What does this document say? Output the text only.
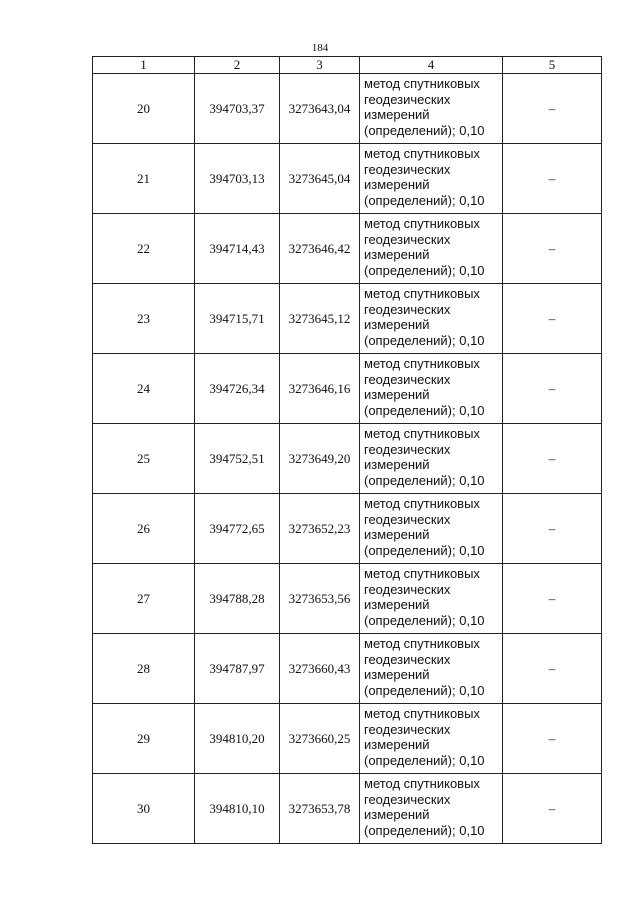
184
1	2	3	4	5
20	394703,37	3273643,04	метод спутниковых
геодезических
измерений
(определений); 0,10	–
21	394703,13	3273645,04	метод спутниковых
геодезических
измерений
(определений); 0,10	–
22	394714,43	3273646,42	метод спутниковых
геодезических
измерений
(определений); 0,10	–
23	394715,71	3273645,12	метод спутниковых
геодезических
измерений
(определений); 0,10	–
24	394726,34	3273646,16	метод спутниковых
геодезических
измерений
(определений); 0,10	–
25	394752,51	3273649,20	метод спутниковых
геодезических
измерений
(определений); 0,10	–
26	394772,65	3273652,23	метод спутниковых
геодезических
измерений
(определений); 0,10	–
27	394788,28	3273653,56	метод спутниковых
геодезических
измерений
(определений); 0,10	–
28	394787,97	3273660,43	метод спутниковых
геодезических
измерений
(определений); 0,10	–
29	394810,20	3273660,25	метод спутниковых
геодезических
измерений
(определений); 0,10	–
30	394810,10	3273653,78	метод спутниковых
геодезических
измерений
(определений); 0,10	–
